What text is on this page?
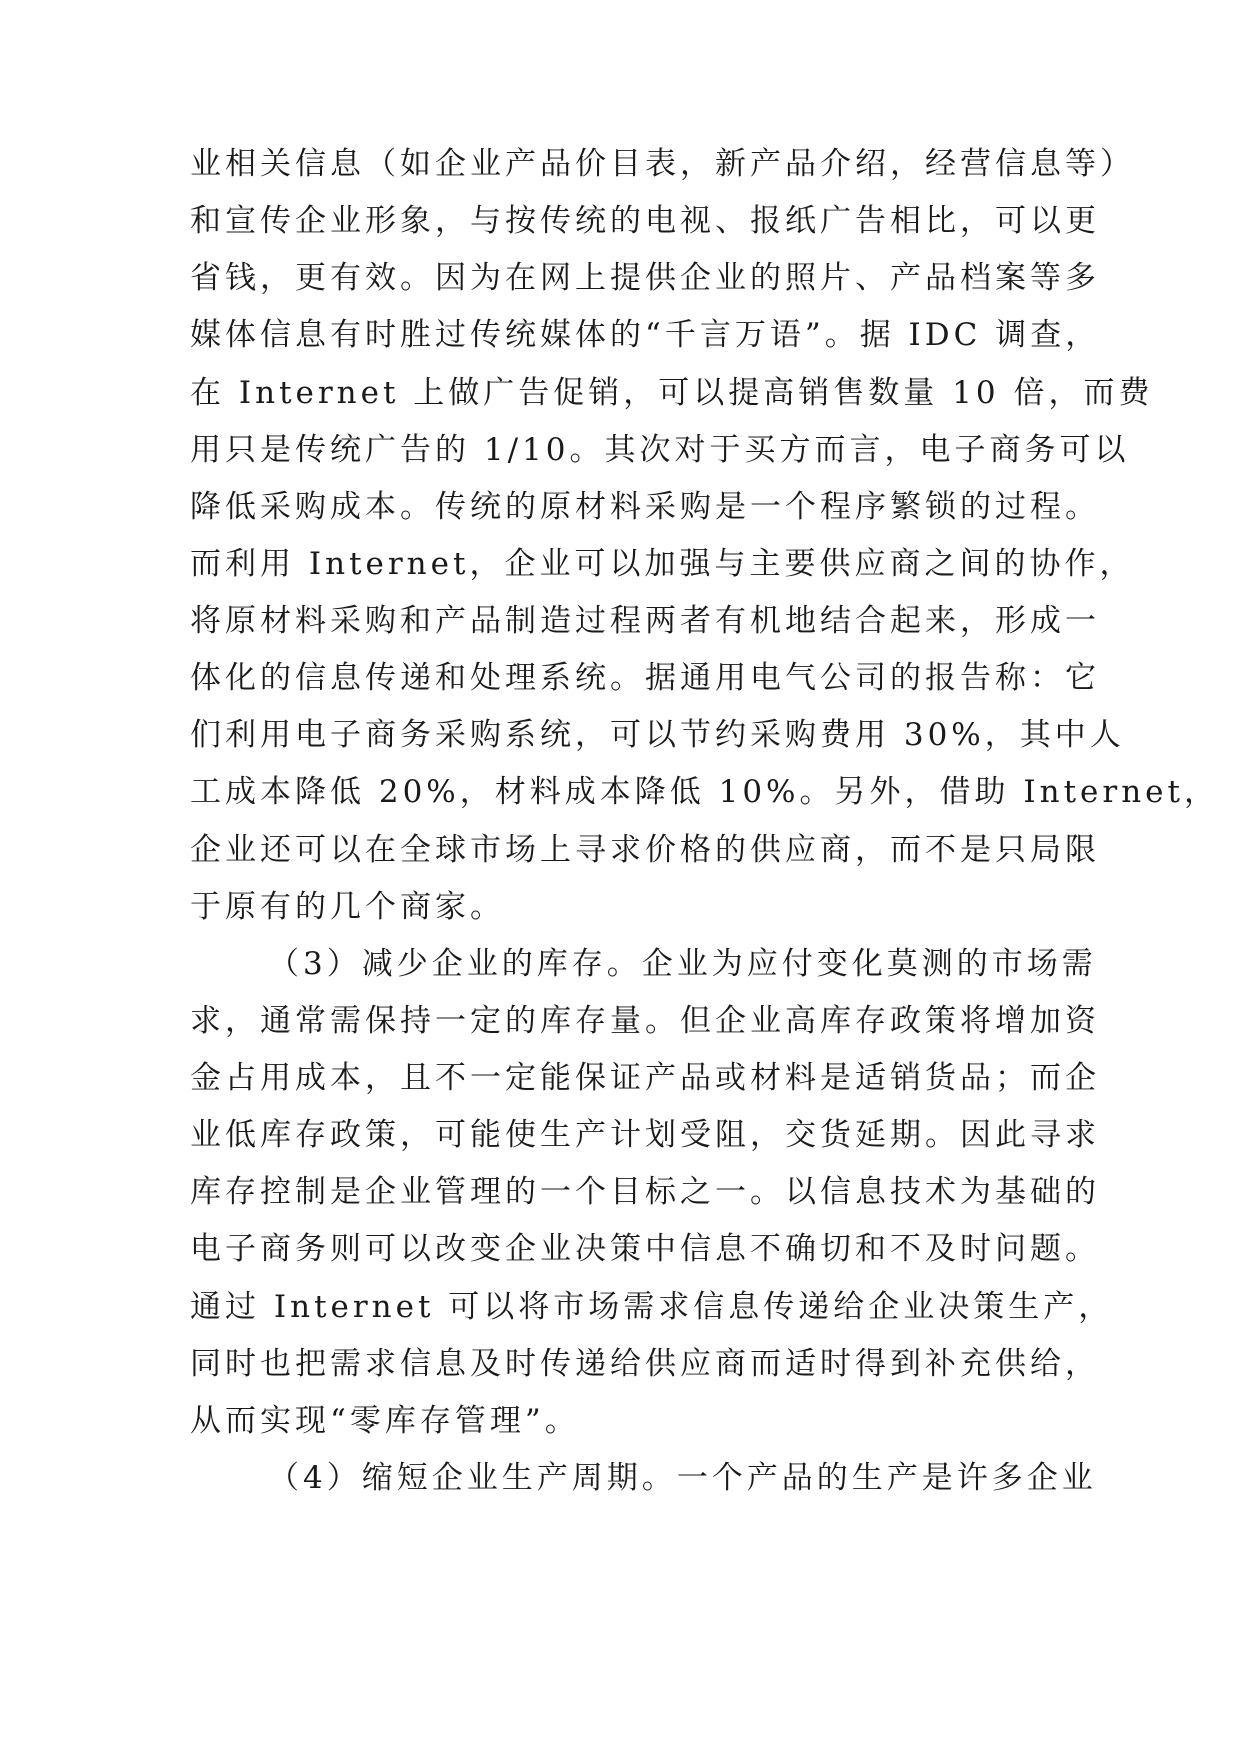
业相关信息（如企业产品价目表，新产品介绍，经营信息等）
和宣传企业形象，与按传统的电视、报纸广告相比，可以更
省钱，更有效。因为在网上提供企业的照片、产品档案等多
媒体信息有时胜过传统媒体的“千言万语”。据 IDC 调查，
在 Internet 上做广告促销，可以提高销售数量 10 倍，而费
用只是传统广告的 1/10。其次对于买方而言，电子商务可以
降低采购成本。传统的原材料采购是一个程序繁锁的过程。
而利用 Internet，企业可以加强与主要供应商之间的协作，
将原材料采购和产品制造过程两者有机地结合起来，形成一
体化的信息传递和处理系统。据通用电气公司的报告称：它
们利用电子商务采购系统，可以节约采购费用 30%，其中人
工成本降低 20%，材料成本降低 10%。另外，借助 Internet，
企业还可以在全球市场上寻求价格的供应商，而不是只局限
于原有的几个商家。
（3）减少企业的库存。企业为应付变化莫测的市场需
求，通常需保持一定的库存量。但企业高库存政策将增加资
金占用成本，且不一定能保证产品或材料是适销货品；而企
业低库存政策，可能使生产计划受阻，交货延期。因此寻求
库存控制是企业管理的一个目标之一。以信息技术为基础的
电子商务则可以改变企业决策中信息不确切和不及时问题。
通过 Internet 可以将市场需求信息传递给企业决策生产，
同时也把需求信息及时传递给供应商而适时得到补充供给，
从而实现“零库存管理”。
（4）缩短企业生产周期。一个产品的生产是许多企业
